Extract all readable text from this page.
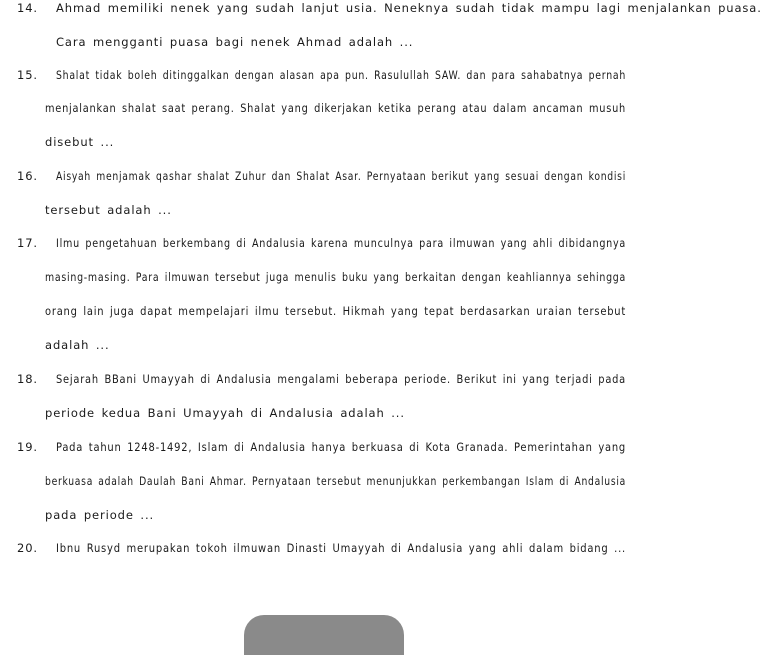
14.	Ahmad memiliki nenek yang sudah lanjut usia. Neneknya sudah tidak mampu lagi menjalankan puasa.
Cara mengganti puasa bagi nenek Ahmad adalah ...
15.	Shalat tidak boleh ditinggalkan dengan alasan apa pun. Rasulullah SAW. dan para sahabatnya pernah
menjalankan shalat saat perang. Shalat yang dikerjakan ketika perang atau dalam ancaman musuh
disebut ...
16.	Aisyah menjamak qashar shalat Zuhur dan Shalat Asar. Pernyataan berikut yang sesuai dengan kondisi
tersebut adalah ...
17.	Ilmu pengetahuan berkembang di Andalusia karena munculnya para ilmuwan yang ahli dibidangnya
masing-masing. Para ilmuwan tersebut juga menulis buku yang berkaitan dengan keahliannya sehingga
orang lain juga dapat mempelajari ilmu tersebut. Hikmah yang tepat berdasarkan uraian tersebut
adalah ...
18.	Sejarah BBani Umayyah di Andalusia mengalami beberapa periode. Berikut ini yang terjadi pada
periode kedua Bani Umayyah di Andalusia adalah ...
19.	Pada tahun 1248-1492, Islam di Andalusia hanya berkuasa di Kota Granada. Pemerintahan yang
berkuasa adalah Daulah Bani Ahmar. Pernyataan tersebut menunjukkan perkembangan Islam di Andalusia
pada periode ...
20.	Ibnu Rusyd merupakan tokoh ilmuwan Dinasti Umayyah di Andalusia yang ahli dalam bidang ...
